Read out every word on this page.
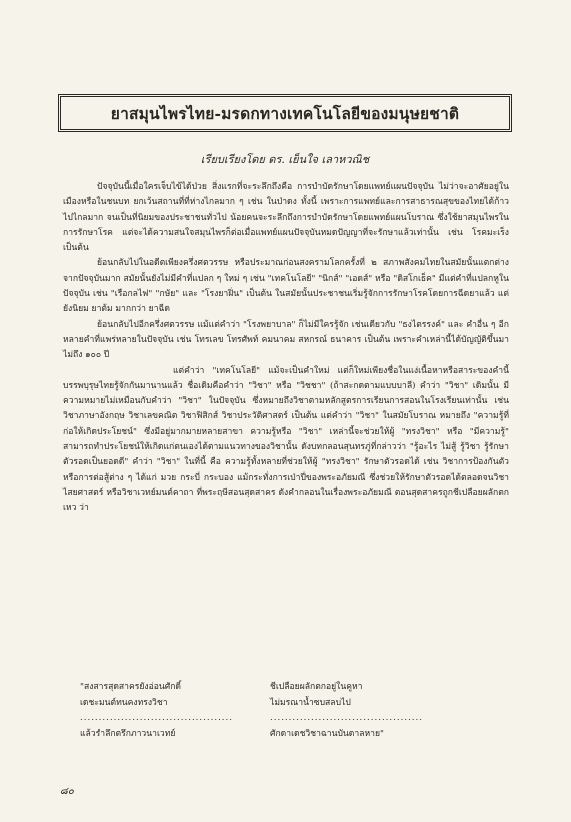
ยาสมุนไพรไทย-มรดกทางเทคโนโลยีของมนุษยชาติ
เรียบเรียงโดย ดร. เย็นใจ เลาหวณิช

ปัจจุบันนี้เมื่อใครเจ็บไข้ได้ป่วย สิ่งแรกที่จะระลึกถึงคือ การบำบัดรักษาโดยแพทย์แผนปัจจุบัน ไม่ว่าจะอาศัยอยู่ในเมืองหรือในชนบท ยกเว้นสถานที่ที่ห่างไกลมาก ๆ เช่น ในป่าดง ทั้งนี้ เพราะการแพทย์และการสาธารณสุขของไทยได้ก้าวไปไกลมาก จนเป็นที่นิยมของประชาชนทั่วไป น้อยคนจะระลึกถึงการบำบัดรักษาโดยแพทย์แผนโบราณ ซึ่งใช้ยาสมุนไพรในการรักษาโรค แต่จะได้ความสนใจสมุนไพรก็ต่อเมื่อแพทย์แผนปัจจุบันหมดปัญญาที่จะรักษาแล้วเท่านั้น เช่น โรคมะเร็ง เป็นต้น

ย้อนกลับไปในอดีตเพียงครึ่งศตวรรษ หรือประมาณก่อนสงครามโลกครั้งที่ ๒ สภาพสังคมไทยในสมัยนั้นแตกต่างจากปัจจุบันมาก สมัยนั้นยังไม่มีคำที่แปลก ๆ ใหม่ ๆ เช่น "เทคโนโลยี" "นิกส์" "เอดส์" หรือ "ดิสโกเธ็ค" มีแต่คำที่แปลกหูในปัจจุบัน เช่น "เรือกลไฟ" "กษัย" และ "โรงยาฝิ่น" เป็นต้น ในสมัยนั้นประชาชนเริ่มรู้จักการรักษาโรคโดยการฉีดยาแล้ว แต่ยังนิยม ยาต้ม มากกว่า ยาฉีด

ย้อนกลับไปอีกครึ่งศตวรรษ แม้แต่คำว่า "โรงพยาบาล" ก็ไม่มีใครรู้จัก เช่นเดียวกับ "ธงไตรรงค์" และ คำอื่น ๆ อีกหลายคำที่แพร่หลายในปัจจุบัน เช่น โทรเลข โทรศัพท์ คมนาคม สหกรณ์ ธนาคาร เป็นต้น เพราะคำเหล่านี้ได้บัญญัติขึ้นมาไม่ถึง ๑๐๐ ปี

แต่คำว่า "เทคโนโลยี" แม้จะเป็นคำใหม่ แต่ก็ใหม่เพียงชื่อในแง่เนื้อหาหรือสาระของคำนี้ บรรพบุรุษไทยรู้จักกันมานานแล้ว ชื่อเดิมคือคำว่า "วิชา" หรือ "วิชชา" (ถ้าสะกดตามแบบบาลี) คำว่า "วิชา" เดิมนั้น มีความหมายไม่เหมือนกับคำว่า "วิชา" ในปัจจุบัน ซึ่งหมายถึงวิชาตามหลักสูตรการเรียนการสอนในโรงเรียนเท่านั้น เช่น วิชาภาษาอังกฤษ วิชาเลขคณิต วิชาฟิสิกส์ วิชาประวัติศาสตร์ เป็นต้น แต่คำว่า "วิชา" ในสมัยโบราณ หมายถึง "ความรู้ที่ก่อให้เกิดประโยชน์" ซึ่งมีอยู่มากมายหลายสาขา ความรู้หรือ "วิชา" เหล่านี้จะช่วยให้ผู้ "ทรงวิชา" หรือ "มีความรู้" สามารถทำประโยชน์ให้เกิดแก่ตนเองได้ตามแนวทางของวิชานั้น ดังบทกลอนสุนทรภู่ที่กล่าวว่า "รู้อะไร ไม่สู้ รู้วิชา รู้รักษาตัวรอดเป็นยอดดี" คำว่า "วิชา" ในที่นี้ คือ ความรู้ทั้งหลายที่ช่วยให้ผู้ "ทรงวิชา" รักษาตัวรอดได้ เช่น วิชาการป้องกันตัว หรือการต่อสู้ต่าง ๆ ได้แก่ มวย กระบี่ กระบอง แม้กระทั่งการเป่าปี่ของพระอภัยมณี ซึ่งช่วยให้รักษาตัวรอดได้ตลอดจนวิชาไสยศาสตร์ หรือวิชาเวทย์มนต์คาถา ที่พระฤษีสอนสุดสาคร ดังคำกลอนในเรื่องพระอภัยมณี ตอนสุดสาครถูกชีเปลือยผลักตกเหว ว่า

"สงสารสุดสาครยังอ่อนศักดิ์	ชีเปลือยผลักตกอยู่ในคูหา
เดชะมนต์ทนคงทรงวิชา	ไม่มรณาน้ำซบสลบไป
.........................................	.........................................
แล้วรำลึกตรึกภาวนาเวทย์	ศักดาเดชวิชาฉานบันดาลหาย"
๘๐
